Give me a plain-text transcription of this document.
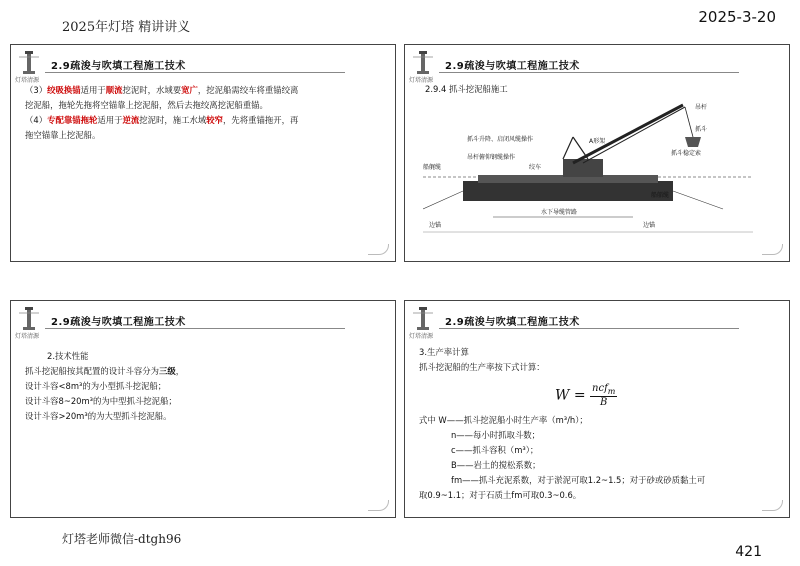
2025年灯塔 精讲讲义
2025-3-20
灯塔老师微信-dtgh96
421
灯塔清源
2.9疏浚与吹填工程施工技术

（3）绞吸换锚适用于顺流挖泥时，水域要宽广，挖泥船需绞车将重锚绞离

挖泥船，拖轮先拖将空锚靠上挖泥船，然后去拖绞离挖泥船重锚。

（4）专配靠锚拖轮适用于逆流挖泥时，施工水域较窄，先将重锚拖开，再

拖空锚靠上挖泥船。

灯塔清源
2.9疏浚与吹填工程施工技术
2.9.4 抓斗挖泥船施工
吊杆
抓斗
A形架
抓斗稳定索
抓斗升降、启闭风缆操作
吊杆俯仰钢缆操作
绞车
船艉缆
水下导缆管路
船艏缆
边锚	边锚
灯塔清源
2.9疏浚与吹填工程施工技术

2.技术性能

抓斗挖泥船按其配置的设计斗容分为三级，

设计斗容<8m³的为小型抓斗挖泥船；

设计斗容8~20m³的为中型抓斗挖泥船；

设计斗容>20m³的为大型抓斗挖泥船。

灯塔清源
2.9疏浚与吹填工程施工技术

3.生产率计算

抓斗挖泥船的生产率按下式计算：

$W = \frac{ncf_m}{B}$

式中 W——抓斗挖泥船小时生产率（m³/h）；

n——每小时抓取斗数；

c——抓斗容积（m³）；

B——岩土的搅松系数；

fm——抓斗充泥系数，对于淤泥可取1.2~1.5；对于砂或砂质黏土可

取0.9~1.1；对于石质土fm可取0.3~0.6。
